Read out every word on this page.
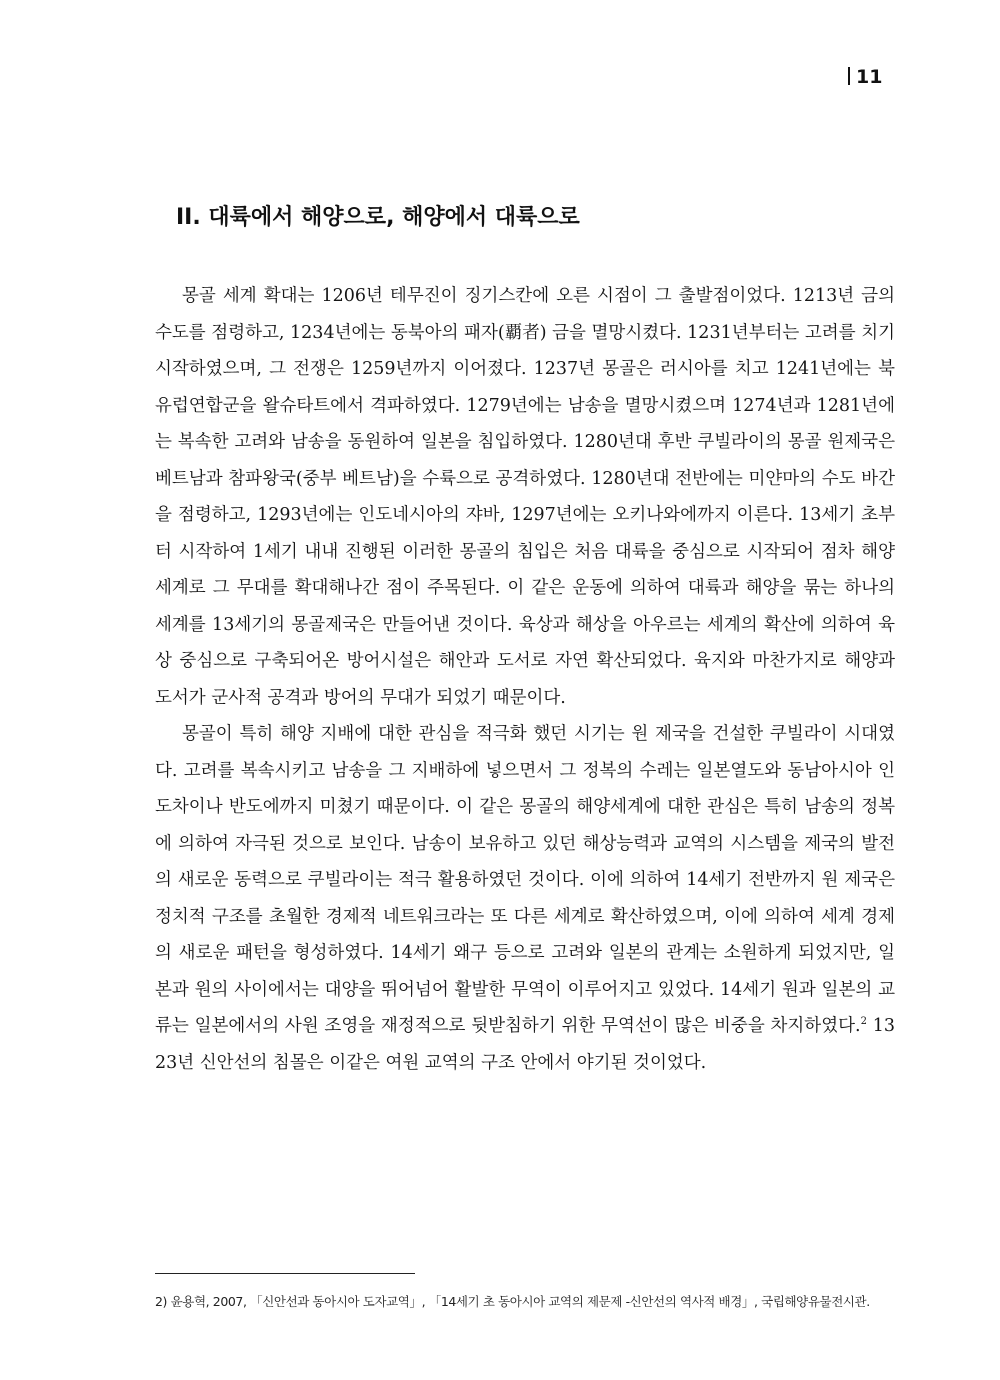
11
II. 대륙에서 해양으로, 해양에서 대륙으로

몽골 세계 확대는 1206년 테무진이 징기스칸에 오른 시점이 그 출발점이었다. 1213년 금의 수도를 점령하고, 1234년에는 동북아의 패자(覇者) 금을 멸망시켰다. 1231년부터는 고려를 치기 시작하였으며, 그 전쟁은 1259년까지 이어졌다. 1237년 몽골은 러시아를 치고 1241년에는 북유럽연합군을 왈슈타트에서 격파하였다. 1279년에는 남송을 멸망시켰으며 1274년과 1281년에는 복속한 고려와 남송을 동원하여 일본을 침입하였다. 1280년대 후반 쿠빌라이의 몽골 원제국은 베트남과 참파왕국(중부 베트남)을 수륙으로 공격하였다. 1280년대 전반에는 미얀마의 수도 바간을 점령하고, 1293년에는 인도네시아의 쟈바, 1297년에는 오키나와에까지 이른다. 13세기 초부터 시작하여 1세기 내내 진행된 이러한 몽골의 침입은 처음 대륙을 중심으로 시작되어 점차 해양 세계로 그 무대를 확대해나간 점이 주목된다. 이 같은 운동에 의하여 대륙과 해양을 묶는 하나의 세계를 13세기의 몽골제국은 만들어낸 것이다. 육상과 해상을 아우르는 세계의 확산에 의하여 육상 중심으로 구축되어온 방어시설은 해안과 도서로 자연 확산되었다. 육지와 마찬가지로 해양과 도서가 군사적 공격과 방어의 무대가 되었기 때문이다.

몽골이 특히 해양 지배에 대한 관심을 적극화 했던 시기는 원 제국을 건설한 쿠빌라이 시대였다. 고려를 복속시키고 남송을 그 지배하에 넣으면서 그 정복의 수레는 일본열도와 동남아시아 인도차이나 반도에까지 미쳤기 때문이다. 이 같은 몽골의 해양세계에 대한 관심은 특히 남송의 정복에 의하여 자극된 것으로 보인다. 남송이 보유하고 있던 해상능력과 교역의 시스템을 제국의 발전의 새로운 동력으로 쿠빌라이는 적극 활용하였던 것이다. 이에 의하여 14세기 전반까지 원 제국은 정치적 구조를 초월한 경제적 네트워크라는 또 다른 세계로 확산하였으며, 이에 의하여 세계 경제의 새로운 패턴을 형성하였다. 14세기 왜구 등으로 고려와 일본의 관계는 소원하게 되었지만, 일본과 원의 사이에서는 대양을 뛰어넘어 활발한 무역이 이루어지고 있었다. 14세기 원과 일본의 교류는 일본에서의 사원 조영을 재정적으로 뒷받침하기 위한 무역선이 많은 비중을 차지하였다.$^2$ 1323년 신안선의 침몰은 이같은 여원 교역의 구조 안에서 야기된 것이었다.

2) 윤용혁, 2007, 「신안선과 동아시아 도자교역」, 「14세기 초 동아시아 교역의 제문제 -신안선의 역사적 배경」, 국립해양유물전시관.
